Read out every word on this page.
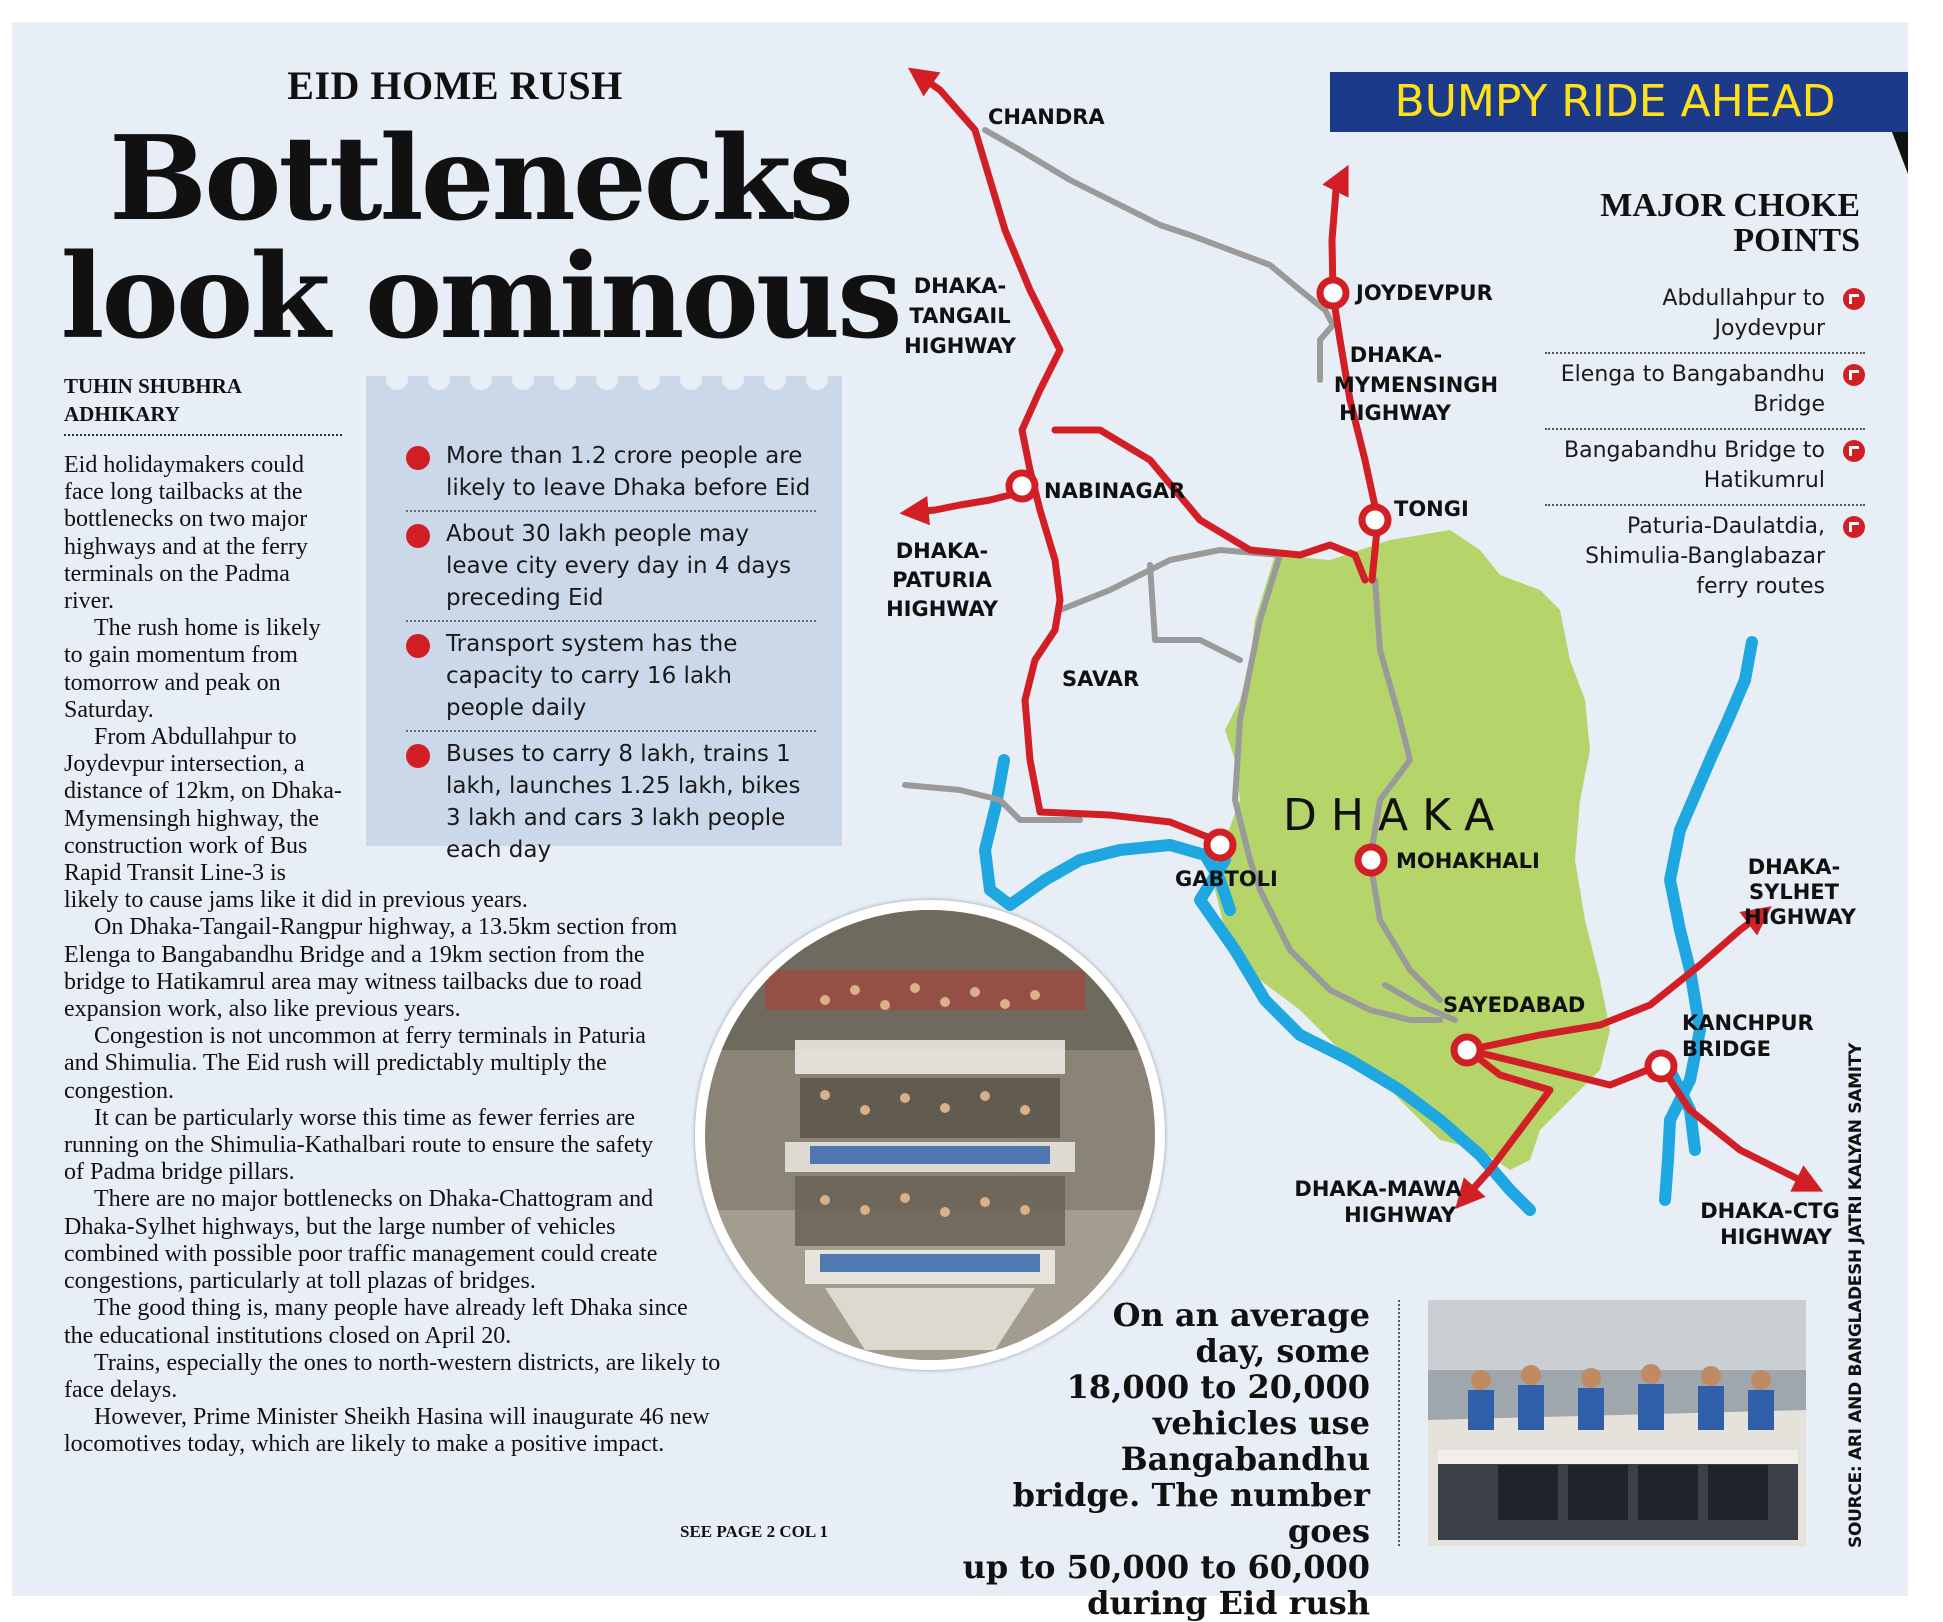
DHAKA
CHANDRA
JOYDEVPUR
NABINAGAR
TONGI
SAVAR
GABTOLI
MOHAKHALI
SAYEDABAD
KANCHPUR
BRIDGE
DHAKA-
TANGAIL
HIGHWAY	DHAKA-
MYMENSINGH
HIGHWAY
DHAKA-
PATURIA
HIGHWAY
DHAKA-
SYLHET
HIGHWAY
DHAKA-MAWA
HIGHWAY	DHAKA-CTG
HIGHWAY
EID HOME RUSH
Bottlenecks
look ominous
TUHIN SHUBHRA
ADHIKARY

Eid holidaymakers could face long tailbacks at the bottlenecks on two major highways and at the ferry terminals on the Padma river.

The rush home is likely to gain momentum from tomorrow and peak on Saturday.

From Abdullahpur to Joydevpur intersection, a distance of 12km, on Dhaka-Mymensingh highway, the construction work of Bus Rapid Transit Line-3 is likely to cause jams like it did in previous years.

On Dhaka-Tangail-Rangpur highway, a 13.5km section from Elenga to Bangabandhu Bridge and a 19km section from the bridge to Hatikamrul area may witness tailbacks due to road expansion work, also like previous years.

Congestion is not uncommon at ferry terminals in Paturia and Shimulia. The Eid rush will predictably multiply the congestion.

It can be particularly worse this time as fewer ferries are running on the Shimulia-Kathalbari route to ensure the safety of Padma bridge pillars.

There are no major bottlenecks on Dhaka-Chattogram and Dhaka-Sylhet highways, but the large number of vehicles combined with possible poor traffic management could create congestions, particularly at toll plazas of bridges.

The good thing is, many people have already left Dhaka since the educational institutions closed on April 20.

Trains, especially the ones to north-western districts, are likely to face delays.

However, Prime Minister Sheikh Hasina will inaugurate 46 new locomotives today, which are likely to make a positive impact.

SEE PAGE 2 COL 1
More than 1.2 crore people are likely to leave Dhaka before Eid
About 30 lakh people may leave city every day in 4 days preceding Eid
Transport system has the capacity to carry 16 lakh people daily
Buses to carry 8 lakh, trains 1 lakh, launches 1.25 lakh, bikes 3 lakh and cars 3 lakh people each day
BUMPY RIDE AHEAD
MAJOR CHOKE
POINTS
Abdullahpur to Joydevpur
Elenga to Bangabandhu Bridge
Bangabandhu Bridge to Hatikumrul
Paturia-Daulatdia, Shimulia-Banglabazar ferry routes
On an average
day, some
18,000 to 20,000
vehicles use Bangabandhu
bridge. The number goes
up to 50,000 to 60,000
during Eid rush
SOURCE: ARI AND BANGLADESH JATRI KALYAN SAMITY
